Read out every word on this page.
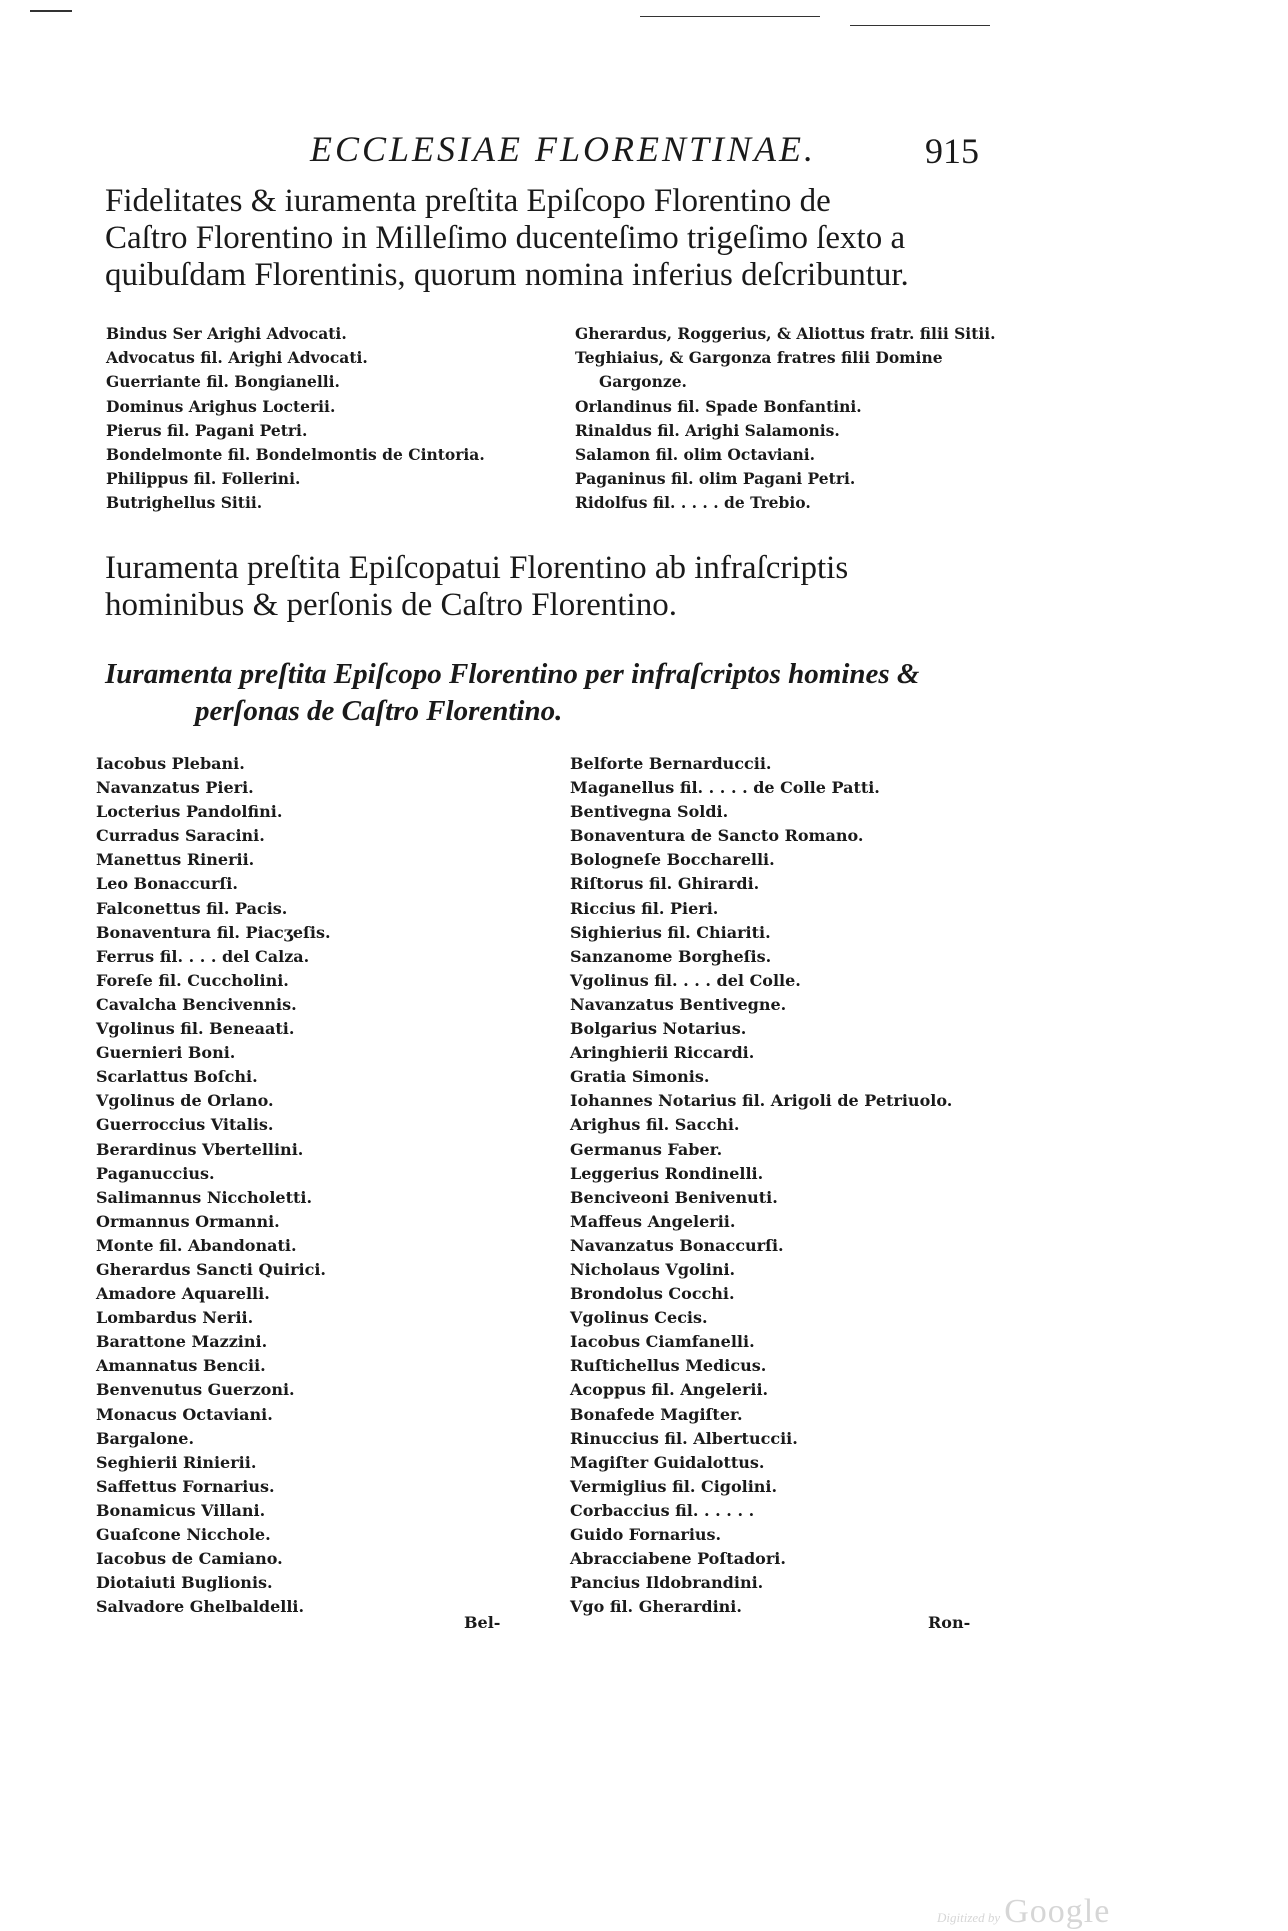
ECCLESIAE FLORENTINAE.	915
Fidelitates & iuramenta preſtita Epiſcopo Florentino de
Caſtro Florentino in Milleſimo ducenteſimo trigeſimo ſexto a
quibuſdam Florentinis, quorum nomina inferius deſcribuntur.
Bindus Ser Arighi Advocati.
Advocatus fil. Arighi Advocati.
Guerriante fil. Bongianelli.
Dominus Arighus Locterii.
Pierus fil. Pagani Petri.
Bondelmonte fil. Bondelmontis de Cintoria.
Philippus fil. Follerini.
Butrighellus Sitii.
Gherardus, Roggerius, & Aliottus fratr. filii Sitii.
Teghiaius, & Gargonza fratres filii Domine
Gargonze.
Orlandinus fil. Spade Bonfantini.
Rinaldus fil. Arighi Salamonis.
Salamon fil. olim Octaviani.
Paganinus fil. olim Pagani Petri.
Ridolfus fil. . . . . de Trebio.
Iuramenta preſtita Epiſcopatui Florentino ab infraſcriptis
hominibus & perſonis de Caſtro Florentino.
Iuramenta preſtita Epiſcopo Florentino per infraſcriptos homines &
perſonas de Caſtro Florentino.
Iacobus Plebani.
Navanzatus Pieri.
Locterius Pandolfini.
Curradus Saracini.
Manettus Rinerii.
Leo Bonaccurſi.
Falconettus fil. Pacis.
Bonaventura fil. Piacʒeſis.
Ferrus fil. . . . del Calza.
Foreſe fil. Cuccholini.
Cavalcha Bencivennis.
Vgolinus fil. Beneaati.
Guernieri Boni.
Scarlattus Boſchi.
Vgolinus de Orlano.
Guerroccius Vitalis.
Berardinus Vbertellini.
Paganuccius.
Salimannus Niccholetti.
Ormannus Ormanni.
Monte fil. Abandonati.
Gherardus Sancti Quirici.
Amadore Aquarelli.
Lombardus Nerii.
Barattone Mazzini.
Amannatus Bencii.
Benvenutus Guerzoni.
Monacus Octaviani.
Bargalone.
Seghierii Rinierii.
Saffettus Fornarius.
Bonamicus Villani.
Guaſcone Nicchole.
Iacobus de Camiano.
Diotaiuti Buglionis.
Salvadore Ghelbaldelli.
Belforte Bernarduccii.
Maganellus fil. . . . . de Colle Patti.
Bentivegna Soldi.
Bonaventura de Sancto Romano.
Bologneſe Boccharelli.
Riſtorus fil. Ghirardi.
Riccius fil. Pieri.
Sighierius fil. Chiariti.
Sanzanome Borgheſis.
Vgolinus fil. . . . del Colle.
Navanzatus Bentivegne.
Bolgarius Notarius.
Aringhierii Riccardi.
Gratia Simonis.
Iohannes Notarius fil. Arigoli de Petriuolo.
Arighus fil. Sacchi.
Germanus Faber.
Leggerius Rondinelli.
Benciveoni Benivenuti.
Maffeus Angelerii.
Navanzatus Bonaccurſi.
Nicholaus Vgolini.
Brondolus Cocchi.
Vgolinus Cecis.
Iacobus Ciamfanelli.
Ruſtichellus Medicus.
Acoppus fil. Angelerii.
Bonafede Magiſter.
Rinuccius fil. Albertuccii.
Magiſter Guidalottus.
Vermiglius fil. Cigolini.
Corbaccius fil. . . . . .
Guido Fornarius.
Abracciabene Poſtadori.
Pancius Ildobrandini.
Vgo fil. Gherardini.
Bel-	Ron-
Digitized by Google
